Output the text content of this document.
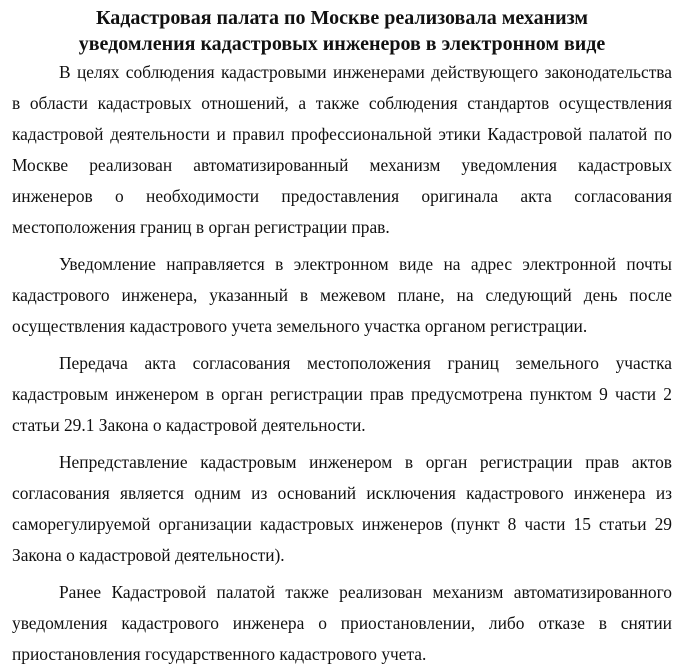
Кадастровая палата по Москве реализовала механизм
уведомления кадастровых инженеров в электронном виде

В целях соблюдения кадастровыми инженерами действующего законодательства в области кадастровых отношений, а также соблюдения стандартов осуществления кадастровой деятельности и правил профессиональной этики Кадастровой палатой по Москве реализован автоматизированный механизм уведомления кадастровых инженеров о необходимости предоставления оригинала акта согласования местоположения границ в орган регистрации прав.

Уведомление направляется в электронном виде на адрес электронной почты кадастрового инженера, указанный в межевом плане, на следующий день после осуществления кадастрового учета земельного участка органом регистрации.

Передача акта согласования местоположения границ земельного участка кадастровым инженером в орган регистрации прав предусмотрена пунктом 9 части 2 статьи 29.1 Закона о кадастровой деятельности.

Непредставление кадастровым инженером в орган регистрации прав актов согласования является одним из оснований исключения кадастрового инженера из саморегулируемой организации кадастровых инженеров (пункт 8 части 15 статьи 29 Закона о кадастровой деятельности).

Ранее Кадастровой палатой также реализован механизм автоматизированного уведомления кадастрового инженера о приостановлении, либо отказе в снятии приостановления государственного кадастрового учета.
